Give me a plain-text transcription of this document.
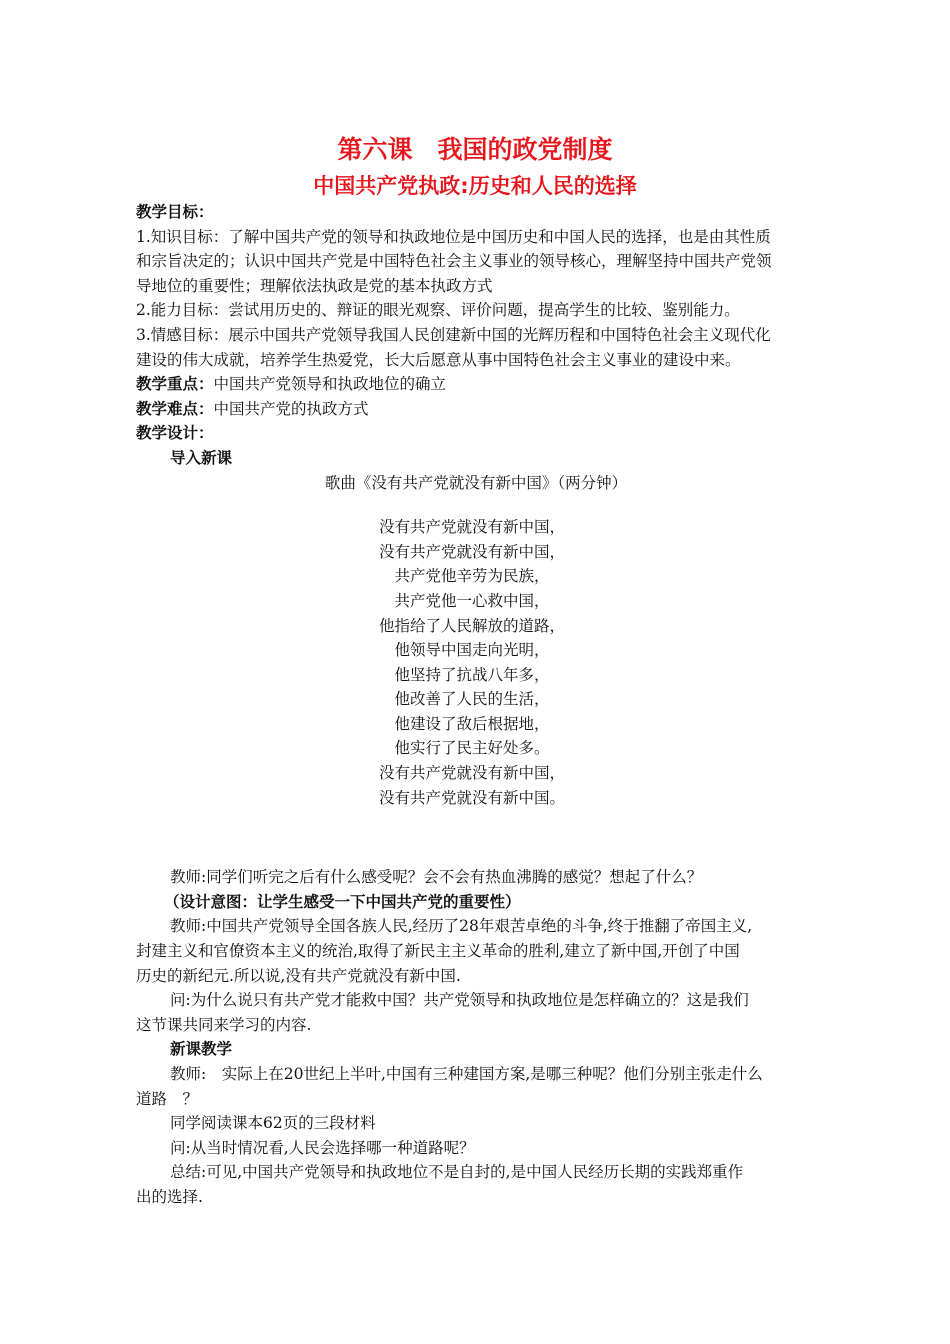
第六课　我国的政党制度
中国共产党执政:历史和人民的选择
教学目标：
1.知识目标：了解中国共产党的领导和执政地位是中国历史和中国人民的选择，也是由其性质
和宗旨决定的；认识中国共产党是中国特色社会主义事业的领导核心，理解坚持中国共产党领
导地位的重要性；理解依法执政是党的基本执政方式
2.能力目标：尝试用历史的、辩证的眼光观察、评价问题，提高学生的比较、鉴别能力。
3.情感目标：展示中国共产党领导我国人民创建新中国的光辉历程和中国特色社会主义现代化
建设的伟大成就，培养学生热爱党，长大后愿意从事中国特色社会主义事业的建设中来。
教学重点：中国共产党领导和执政地位的确立
教学难点：中国共产党的执政方式
教学设计：
导入新课
歌曲《没有共产党就没有新中国》（两分钟）
没有共产党就没有新中国，
没有共产党就没有新中国，
共产党他辛劳为民族，
共产党他一心救中国，
他指给了人民解放的道路，
他领导中国走向光明，
他坚持了抗战八年多，
他改善了人民的生活，
他建设了敌后根据地，
他实行了民主好处多。
没有共产党就没有新中国，
没有共产党就没有新中国。
教师:同学们听完之后有什么感受呢？会不会有热血沸腾的感觉？想起了什么？
（设计意图：让学生感受一下中国共产党的重要性）
教师:中国共产党领导全国各族人民,经历了28年艰苦卓绝的斗争,终于推翻了帝国主义,
封建主义和官僚资本主义的统治,取得了新民主主义革命的胜利,建立了新中国,开创了中国
历史的新纪元.所以说,没有共产党就没有新中国.
问:为什么说只有共产党才能救中国？共产党领导和执政地位是怎样确立的？这是我们
这节课共同来学习的内容.
新课教学
教师:　实际上在20世纪上半叶,中国有三种建国方案,是哪三种呢？他们分别主张走什么
道路　？
同学阅读课本62页的三段材料
问:从当时情况看,人民会选择哪一种道路呢？
总结:可见,中国共产党领导和执政地位不是自封的,是中国人民经历长期的实践郑重作
出的选择.
